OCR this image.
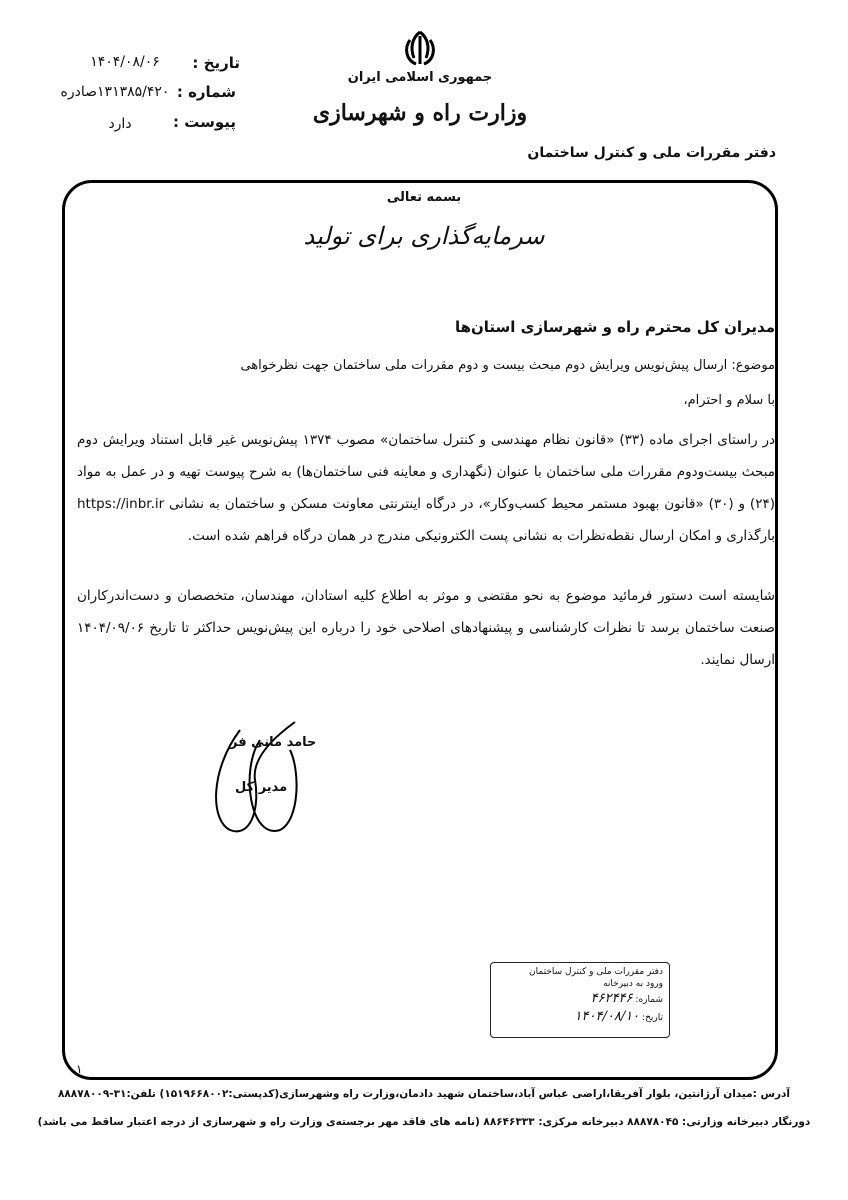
جمهوری اسلامی ایران
وزارت راه و شهرسازی
دفتر مقررات ملی و کنترل ساختمان
تاریخ :
شماره :
پیوست :
۱۴۰۴/۰۸/۰۶
۱۳۱۳۸۵/۴۲۰صادره
دارد
بسمه تعالی
سرمایه‌گذاری برای تولید
مدیران کل محترم راه و شهرسازی استان‌ها
موضوع: ارسال پیش‌نویس ویرایش دوم مبحث بیست و دوم مقررات ملی ساختمان جهت نظرخواهی
با سلام و احترام،
در راستای اجرای ماده (۳۳) «قانون نظام مهندسی و کنترل ساختمان» مصوب ۱۳۷۴ پیش‌نویس غیر قابل استناد ویرایش دوم مبحث بیست‌ودوم مقررات ملی ساختمان با عنوان (نگهداری و معاینه فنی ساختمان‌ها) به شرح پیوست تهیه و در عمل به مواد (۲۴) و (۳۰) «قانون بهبود مستمر محیط کسب‌وکار»، در درگاه اینترنتی معاونت مسکن و ساختمان به نشانی https://inbr.ir بارگذاری و امکان ارسال نقطه‌نظرات به نشانی پست الکترونیکی مندرج در همان درگاه فراهم شده است.
شایسته است دستور فرمائید موضوع به نحو مقتضی و موثر به اطلاع کلیه استادان، مهندسان، متخصصان و دست‌اندرکاران صنعت ساختمان برسد تا نظرات کارشناسی و پیشنهادهای اصلاحی خود را درباره این پیش‌نویس حداکثر تا تاریخ ۱۴۰۴/۰۹/۰۶ ارسال نمایند.
حامد مانی فر
مدیر کل
دفتر مقررات ملی و کنترل ساختمان
ورود به دبیرخانه
شماره: ۴۶۲۴۴۶
تاریخ: ۱۴۰۴/۰۸/۱۰
۱
آدرس :میدان آرژانتین، بلوار آفریقا،اراضی عباس آباد،ساختمان شهید دادمان،وزارت راه وشهرسازی(کدپستی:۱۵۱۹۶۶۸۰۰۲) تلفن:۳۱-۸۸۸۷۸۰۰۹
دورنگار دبیرخانه وزارتی: ۸۸۸۷۸۰۴۵ دبیرخانه مرکزی: ۸۸۶۴۶۳۳۳ (نامه های فاقد مهر برجسته‌ی وزارت راه و شهرسازی از درجه اعتبار ساقط می باشد)
